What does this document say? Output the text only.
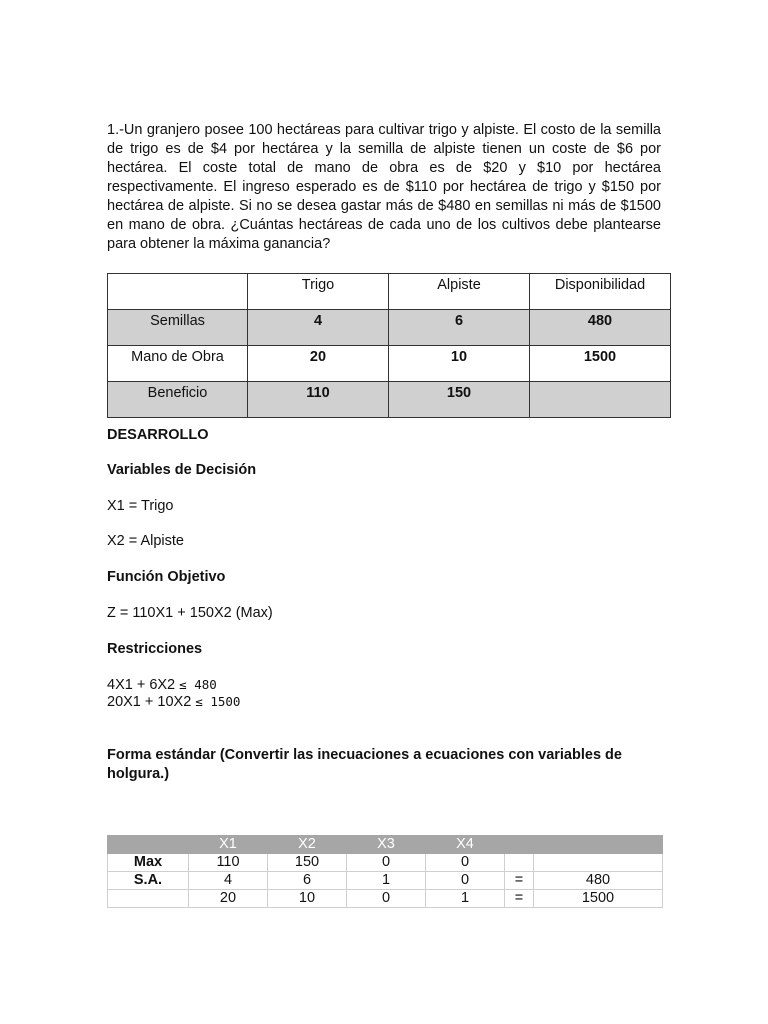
1.-Un granjero posee 100 hectáreas para cultivar trigo y alpiste. El costo de la semilla de trigo es de $4 por hectárea y la semilla de alpiste tienen un coste de $6 por hectárea. El coste total de mano de obra es de $20 y $10 por hectárea respectivamente. El ingreso esperado es de $110 por hectárea de trigo y $150 por hectárea de alpiste. Si no se desea gastar más de $480 en semillas ni más de $1500 en mano de obra. ¿Cuántas hectáreas de cada uno de los cultivos debe plantearse para obtener la máxima ganancia?

	Trigo	Alpiste	Disponibilidad
Semillas	4	6	480
Mano de Obra	20	10	1500
Beneficio	110	150	

DESARROLLO

Variables de Decisión

X1 = Trigo

X2 = Alpiste

Función Objetivo

Z = 110X1 + 150X2 (Max)

Restricciones

4X1 + 6X2 ≤ 480

20X1 + 10X2 ≤ 1500

Forma estándar (Convertir las inecuaciones a ecuaciones con variables de holgura.)

	X1	X2	X3	X4		
Max	110	150	0	0		
S.A.	4	6	1	0	=	480
	20	10	0	1	=	1500
